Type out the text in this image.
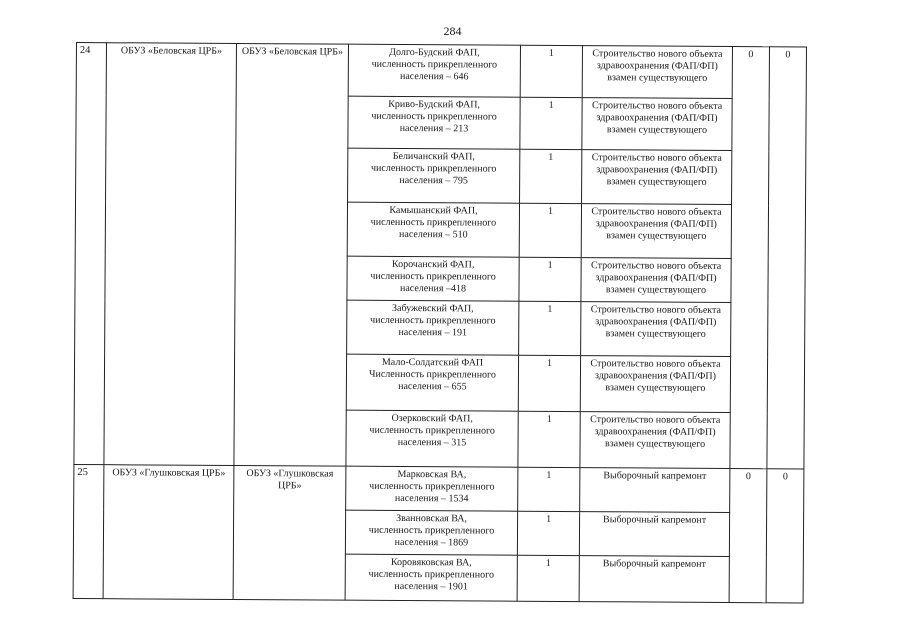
284
24	ОБУЗ «Беловская ЦРБ»	ОБУЗ «Беловская ЦРБ»	Долго-Будский ФАП,
численность прикрепленного
населения – 646	1	Строительство нового объекта здравоохранения (ФАП/ФП) взамен существующего	0	0

			Криво-Будский ФАП,
численность прикрепленного
населения – 213	1	Строительство нового объекта здравоохранения (ФАП/ФП) взамен существующего		

			Беличанский ФАП,
численность прикрепленного
населения – 795	1	Строительство нового объекта здравоохранения (ФАП/ФП) взамен существующего		

			Камышанский ФАП,
численность прикрепленного
населения – 510	1	Строительство нового объекта здравоохранения (ФАП/ФП) взамен существующего		

			Корочанский ФАП,
численность прикрепленного
населения –418	1	Строительство нового объекта здравоохранения (ФАП/ФП) взамен существующего		

			Забужевский ФАП,
численность прикрепленного
населения – 191	1	Строительство нового объекта здравоохранения (ФАП/ФП) взамен существующего		

			Мало-Солдатский ФАП
Численность прикрепленного
населения – 655	1	Строительство нового объекта здравоохранения (ФАП/ФП) взамен существующего		

			Озерковский ФАП,
численность прикрепленного
населения – 315	1	Строительство нового объекта здравоохранения (ФАП/ФП) взамен существующего		
25	ОБУЗ «Глушковская ЦРБ»	ОБУЗ «Глушковская ЦРБ»	Марковская ВА,
численность прикрепленного
населения – 1534	1	Выборочный капремонт	0	0

			Званновская ВА,
численность прикрепленного
населения – 1869	1	Выборочный капремонт		

			Коровяковская ВА,
численность прикрепленного
населения – 1901	1	Выборочный капремонт		
